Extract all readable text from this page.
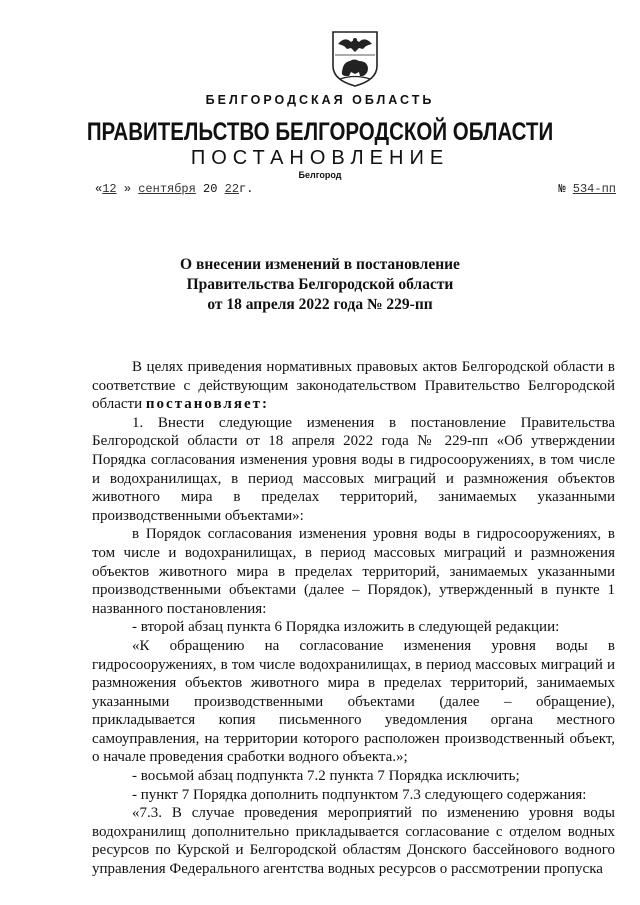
БЕЛГОРОДСКАЯ ОБЛАСТЬ
ПРАВИТЕЛЬСТВО БЕЛГОРОДСКОЙ ОБЛАСТИ
ПОСТАНОВЛЕНИЕ
Белгород
«12 » сентября 20 22г.	№ 534-пп
О внесении изменений в постановление
Правительства Белгородской области
от 18 апреля 2022 года № 229-пп

В целях приведения нормативных правовых актов Белгородской области в соответствие с действующим законодательством Правительство Белгородской области постановляет:

1. Внести следующие изменения в постановление Правительства Белгородской области от 18 апреля 2022 года № 229-пп «Об утверждении Порядка согласования изменения уровня воды в гидросооружениях, в том числе и водохранилищах, в период массовых миграций и размножения объектов животного мира в пределах территорий, занимаемых указанными производственными объектами»:

в Порядок согласования изменения уровня воды в гидросооружениях, в том числе и водохранилищах, в период массовых миграций и размножения объектов животного мира в пределах территорий, занимаемых указанными производственными объектами (далее – Порядок), утвержденный в пункте 1 названного постановления:

- второй абзац пункта 6 Порядка изложить в следующей редакции:

«К обращению на согласование изменения уровня воды в гидросооружениях, в том числе водохранилищах, в период массовых миграций и размножения объектов животного мира в пределах территорий, занимаемых указанными производственными объектами (далее – обращение), прикладывается копия письменного уведомления органа местного самоуправления, на территории которого расположен производственный объект, о начале проведения сработки водного объекта.»;

- восьмой абзац подпункта 7.2 пункта 7 Порядка исключить;

- пункт 7 Порядка дополнить подпунктом 7.3 следующего содержания:

«7.3. В случае проведения мероприятий по изменению уровня воды водохранилищ дополнительно прикладывается согласование с отделом водных ресурсов по Курской и Белгородской областям Донского бассейнового водного управления Федерального агентства водных ресурсов о рассмотрении пропуска
